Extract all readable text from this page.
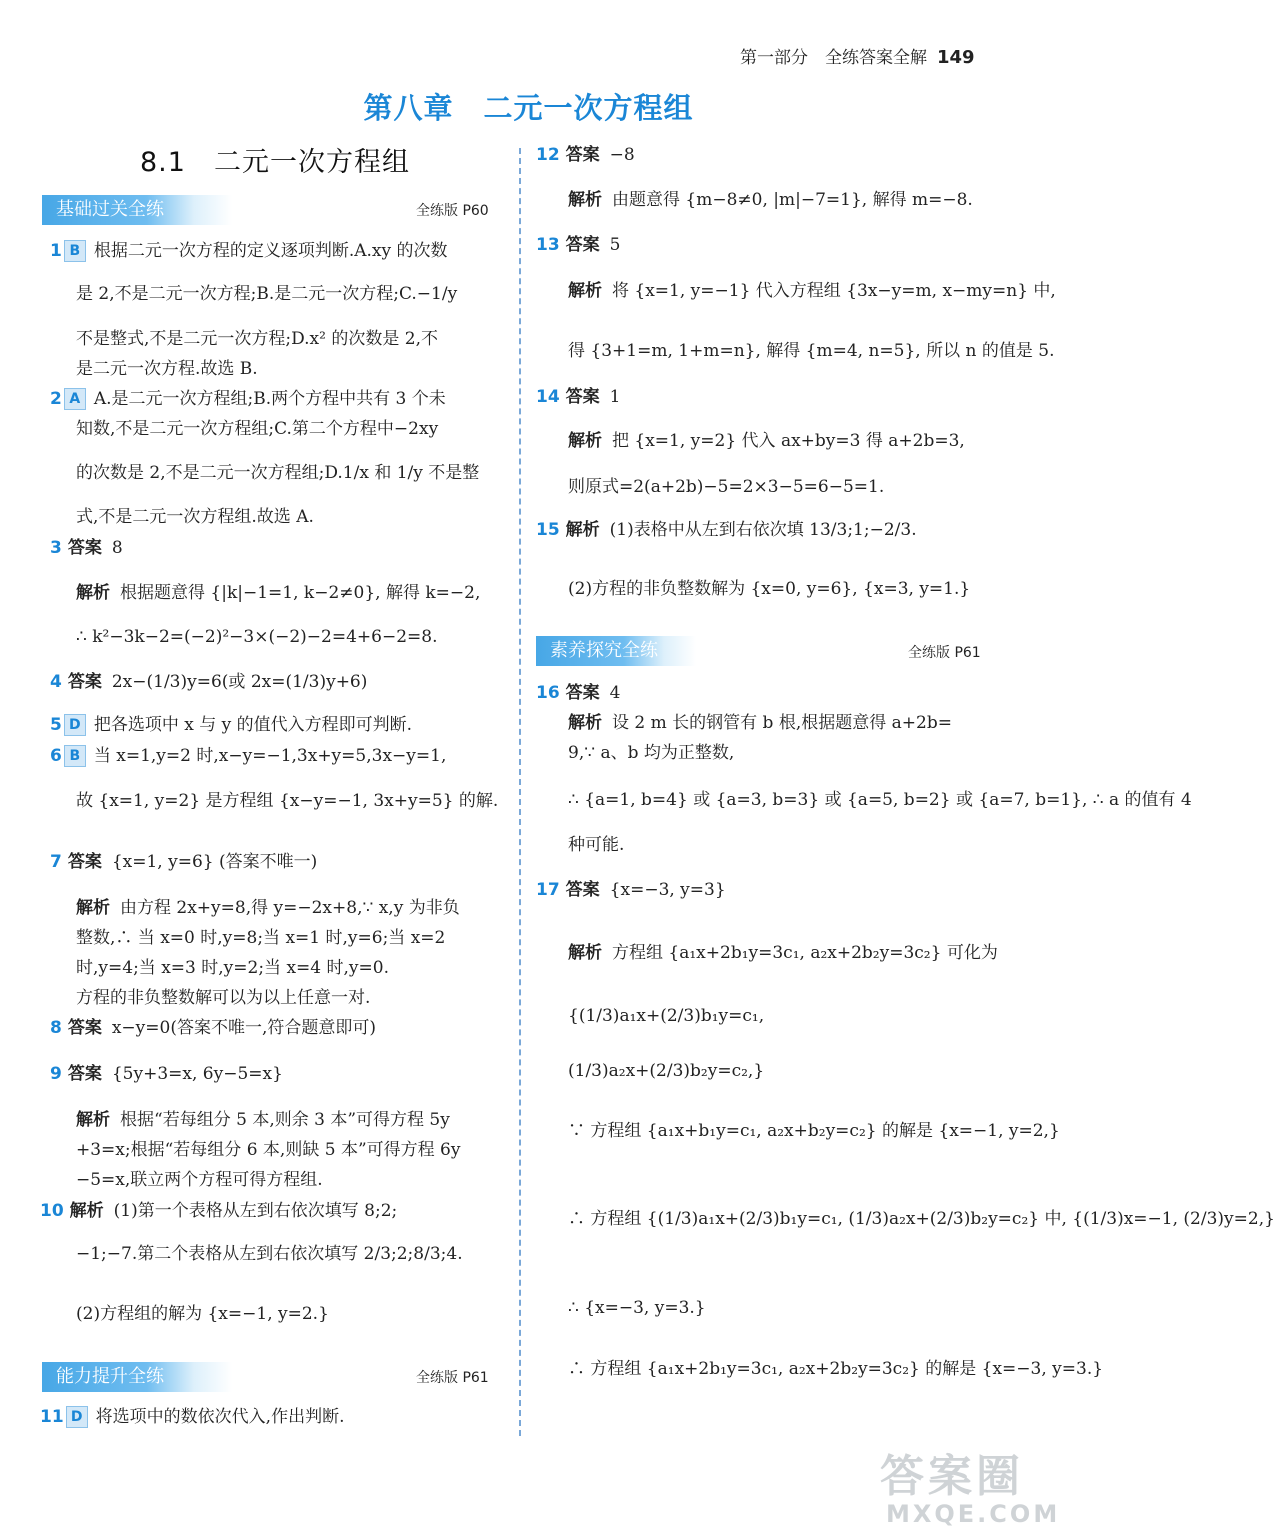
第一部分　全练答案全解 149
第八章　二元一次方程组
8.1　二元一次方程组
基础过关全练	全练版 P60
1 B 根据二元一次方程的定义逐项判断.A.xy 的次数
是 2,不是二元一次方程;B.是二元一次方程;C.−1/y
不是整式,不是二元一次方程;D.x² 的次数是 2,不
是二元一次方程.故选 B.
2 A A.是二元一次方程组;B.两个方程中共有 3 个未
知数,不是二元一次方程组;C.第二个方程中−2xy
的次数是 2,不是二元一次方程组;D.1/x 和 1/y 不是整
式,不是二元一次方程组.故选 A.
3 答案 8
解析 根据题意得 {|k|−1=1, k−2≠0}, 解得 k=−2,
∴ k²−3k−2=(−2)²−3×(−2)−2=4+6−2=8.
4 答案 2x−(1/3)y=6(或 2x=(1/3)y+6)
5 D 把各选项中 x 与 y 的值代入方程即可判断.
6 B 当 x=1,y=2 时,x−y=−1,3x+y=5,3x−y=1,
故 {x=1, y=2} 是方程组 {x−y=−1, 3x+y=5} 的解.
7 答案 {x=1, y=6} (答案不唯一)
解析 由方程 2x+y=8,得 y=−2x+8,∵ x,y 为非负
整数,∴ 当 x=0 时,y=8;当 x=1 时,y=6;当 x=2
时,y=4;当 x=3 时,y=2;当 x=4 时,y=0.
方程的非负整数解可以为以上任意一对.
8 答案 x−y=0(答案不唯一,符合题意即可)
9 答案 {5y+3=x, 6y−5=x}
解析 根据“若每组分 5 本,则余 3 本”可得方程 5y
+3=x;根据“若每组分 6 本,则缺 5 本”可得方程 6y
−5=x,联立两个方程可得方程组.
10 解析 (1)第一个表格从左到右依次填写 8;2;
−1;−7.第二个表格从左到右依次填写 2/3;2;8/3;4.
(2)方程组的解为 {x=−1, y=2.}
能力提升全练	全练版 P61
11 D 将选项中的数依次代入,作出判断.
12 答案 −8
解析 由题意得 {m−8≠0, |m|−7=1}, 解得 m=−8.
13 答案 5
解析 将 {x=1, y=−1} 代入方程组 {3x−y=m, x−my=n} 中,
得 {3+1=m, 1+m=n}, 解得 {m=4, n=5}, 所以 n 的值是 5.
14 答案 1
解析 把 {x=1, y=2} 代入 ax+by=3 得 a+2b=3,
则原式=2(a+2b)−5=2×3−5=6−5=1.
15 解析 (1)表格中从左到右依次填 13/3;1;−2/3.
(2)方程的非负整数解为 {x=0, y=6}, {x=3, y=1.}
素养探究全练	全练版 P61
16 答案 4
解析 设 2 m 长的钢管有 b 根,根据题意得 a+2b=
9,∵ a、b 均为正整数,
∴ {a=1, b=4} 或 {a=3, b=3} 或 {a=5, b=2} 或 {a=7, b=1}, ∴ a 的值有 4
种可能.
17 答案 {x=−3, y=3}
解析 方程组 {a₁x+2b₁y=3c₁, a₂x+2b₂y=3c₂} 可化为
{(1/3)a₁x+(2/3)b₁y=c₁,
(1/3)a₂x+(2/3)b₂y=c₂,}
∵ 方程组 {a₁x+b₁y=c₁, a₂x+b₂y=c₂} 的解是 {x=−1, y=2,}
∴ 方程组 {(1/3)a₁x+(2/3)b₁y=c₁, (1/3)a₂x+(2/3)b₂y=c₂} 中, {(1/3)x=−1, (2/3)y=2,}
∴ {x=−3, y=3.}
∴ 方程组 {a₁x+2b₁y=3c₁, a₂x+2b₂y=3c₂} 的解是 {x=−3, y=3.}
答案圈
MXQE.COM
